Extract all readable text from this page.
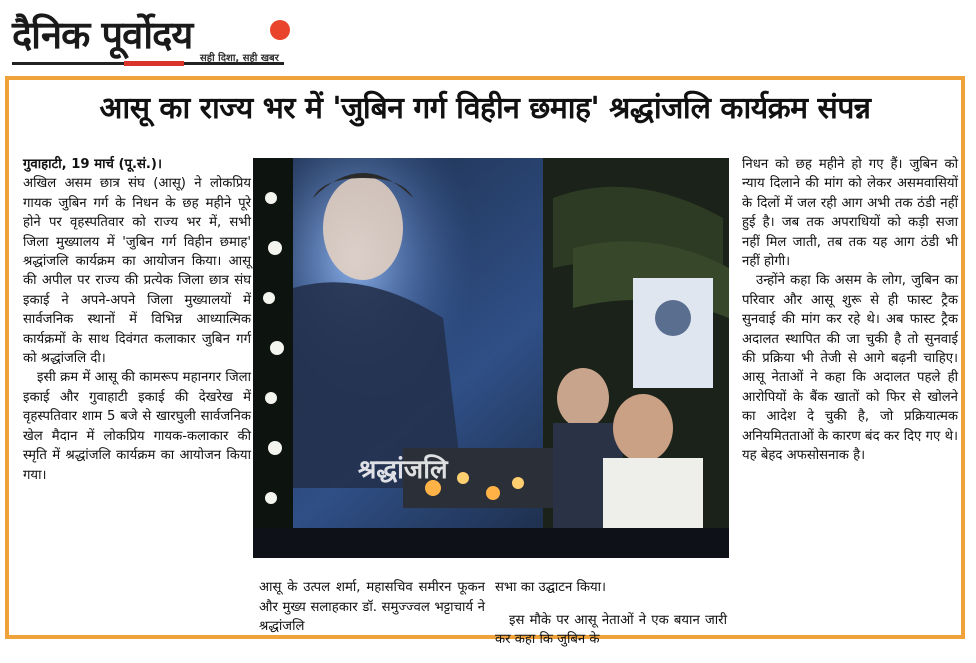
दैनिक पूर्वोदय
सही दिशा, सही खबर
आसू का राज्य भर में 'जुबिन गर्ग विहीन छमाह' श्रद्धांजलि कार्यक्रम संपन्न

गुवाहाटी, 19 मार्च (पू.सं.)।

अखिल असम छात्र संघ (आसू) ने लोकप्रिय गायक जुबिन गर्ग के निधन के छह महीने पूरे होने पर वृहस्पतिवार को राज्य भर में, सभी जिला मुख्यालय में 'जुबिन गर्ग विहीन छमाह' श्रद्धांजलि कार्यक्रम का आयोजन किया। आसू की अपील पर राज्य की प्रत्येक जिला छात्र संघ इकाई ने अपने-अपने जिला मुख्यालयों में सार्वजनिक स्थानों में विभिन्न आध्यात्मिक कार्यक्रमों के साथ दिवंगत कलाकार जुबिन गर्ग को श्रद्धांजलि दी।

इसी क्रम में आसू की कामरूप महानगर जिला इकाई और गुवाहाटी इकाई की देखरेख में वृहस्पतिवार शाम 5 बजे से खारघुली सार्वजनिक खेल मैदान में लोकप्रिय गायक-कलाकार की स्मृति में श्रद्धांजलि कार्यक्रम का आयोजन किया गया।	श्रद्धांजलि

आसू के उत्पल शर्मा, महासचिव समीरन फूकन और मुख्य सलाहकार डॉ. समुज्ज्वल भट्टाचार्य ने श्रद्धांजलि

सभा का उद्घाटन किया।

इस मौके पर आसू नेताओं ने एक बयान जारी कर कहा कि जुबिन के

निधन को छह महीने हो गए हैं। जुबिन को न्याय दिलाने की मांग को लेकर असमवासियों के दिलों में जल रही आग अभी तक ठंडी नहीं हुई है। जब तक अपराधियों को कड़ी सजा नहीं मिल जाती, तब तक यह आग ठंडी भी नहीं होगी।

उन्होंने कहा कि असम के लोग, जुबिन का परिवार और आसू शुरू से ही फास्ट ट्रैक सुनवाई की मांग कर रहे थे। अब फास्ट ट्रैक अदालत स्थापित की जा चुकी है तो सुनवाई की प्रक्रिया भी तेजी से आगे बढ़नी चाहिए। आसू नेताओं ने कहा कि अदालत पहले ही आरोपियों के बैंक खातों को फिर से खोलने का आदेश दे चुकी है, जो प्रक्रियात्मक अनियमितताओं के कारण बंद कर दिए गए थे। यह बेहद अफसोसनाक है।
